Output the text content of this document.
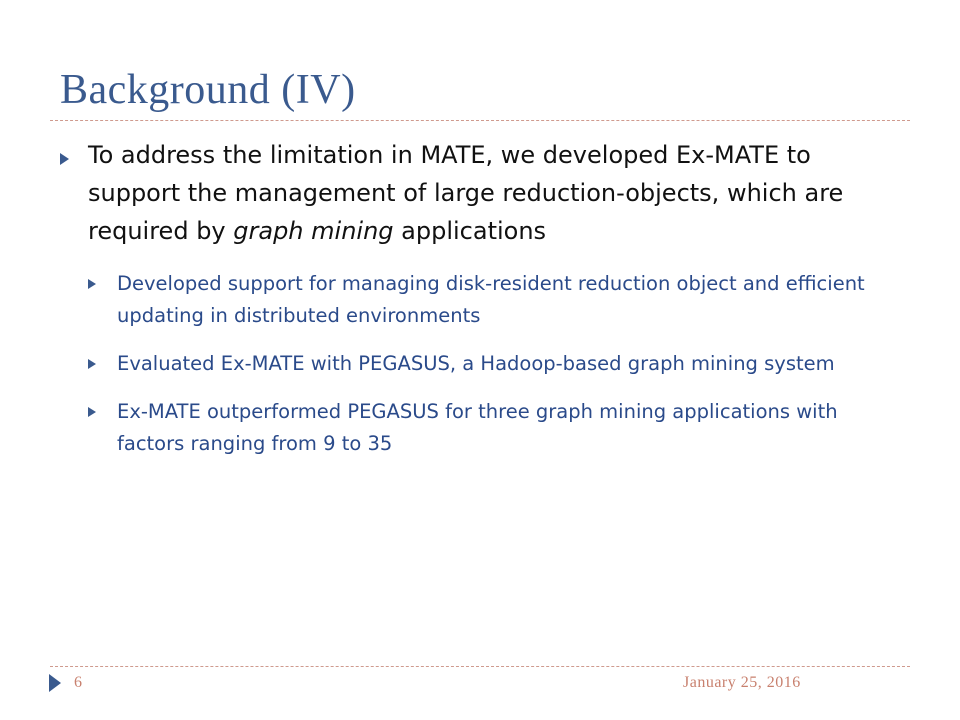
Background (IV)
To address the limitation in MATE, we developed Ex-MATE to support the management of large reduction-objects, which are required by graph mining applications
Developed support for managing disk-resident reduction object and efficient updating in distributed environments
Evaluated Ex-MATE with PEGASUS, a Hadoop-based graph mining system
Ex-MATE outperformed PEGASUS for three graph mining applications with factors ranging from 9 to 35
6	January 25, 2016
